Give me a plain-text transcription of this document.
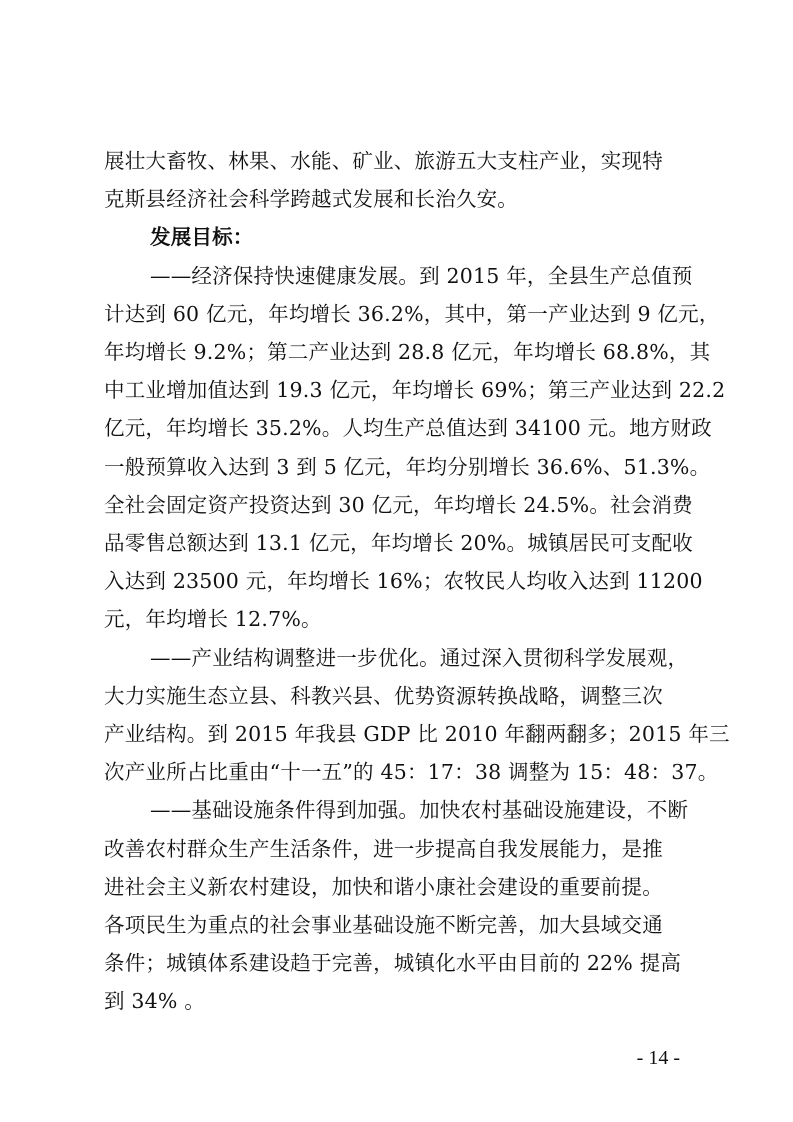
展壮大畜牧、林果、水能、矿业、旅游五大支柱产业，实现特
克斯县经济社会科学跨越式发展和长治久安。
发展目标：
——经济保持快速健康发展。到 2015 年，全县生产总值预
计达到 60 亿元，年均增长 36.2%，其中，第一产业达到 9 亿元，
年均增长 9.2%；第二产业达到 28.8 亿元，年均增长 68.8%，其
中工业增加值达到 19.3 亿元，年均增长 69%；第三产业达到 22.2
亿元，年均增长 35.2%。人均生产总值达到 34100 元。地方财政
一般预算收入达到 3 到 5 亿元，年均分别增长 36.6%、51.3%。
全社会固定资产投资达到 30 亿元，年均增长 24.5%。社会消费
品零售总额达到 13.1 亿元，年均增长 20%。城镇居民可支配收
入达到 23500 元，年均增长 16%；农牧民人均收入达到 11200
元，年均增长 12.7%。
——产业结构调整进一步优化。通过深入贯彻科学发展观，
大力实施生态立县、科教兴县、优势资源转换战略，调整三次
产业结构。到 2015 年我县 GDP 比 2010 年翻两翻多；2015 年三
次产业所占比重由“十一五”的 45：17：38 调整为 15：48：37。
——基础设施条件得到加强。加快农村基础设施建设，不断
改善农村群众生产生活条件，进一步提高自我发展能力，是推
进社会主义新农村建设，加快和谐小康社会建设的重要前提。
各项民生为重点的社会事业基础设施不断完善，加大县域交通
条件；城镇体系建设趋于完善，城镇化水平由目前的 22% 提高
到 34% 。
- 14 -
